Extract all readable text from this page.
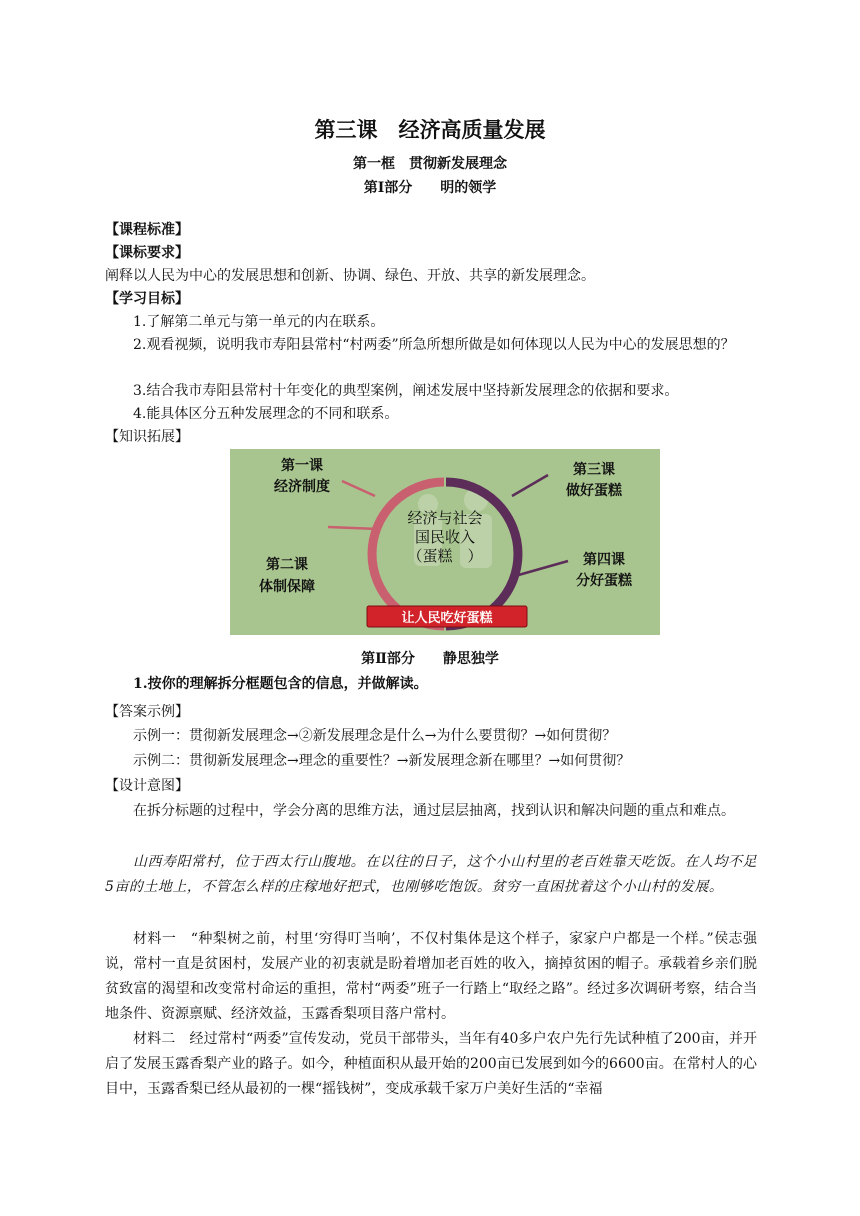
第三课　经济高质量发展
第一框　贯彻新发展理念
第Ⅰ部分　　明的领学
【课程标准】
【课标要求】
阐释以人民为中心的发展思想和创新、协调、绿色、开放、共享的新发展理念。
【学习目标】
1.了解第二单元与第一单元的内在联系。
2.观看视频，说明我市寿阳县常村“村两委”所急所想所做是如何体现以人民为中心的发展思想的？
3.结合我市寿阳县常村十年变化的典型案例，阐述发展中坚持新发展理念的依据和要求。
4.能具体区分五种发展理念的不同和联系。
【知识拓展】
第一课
经济制度
第二课
体制保障
第三课
做好蛋糕
第四课
分好蛋糕
经济与社会
国民收入
（蛋糕　）
让人民吃好蛋糕
第Ⅱ部分　　静思独学
1.按你的理解拆分框题包含的信息，并做解读。
【答案示例】
示例一：贯彻新发展理念→②新发展理念是什么→为什么要贯彻？→如何贯彻？
示例二：贯彻新发展理念→理念的重要性？→新发展理念新在哪里？→如何贯彻？
【设计意图】
在拆分标题的过程中，学会分离的思维方法，通过层层抽离，找到认识和解决问题的重点和难点。
山西寿阳常村，位于西太行山腹地。在以往的日子，这个小山村里的老百姓靠天吃饭。在人均不足5亩的土地上，不管怎么样的庄稼地好把式，也刚够吃饱饭。贫穷一直困扰着这个小山村的发展。
材料一　“种梨树之前，村里‘穷得叮当响’，不仅村集体是这个样子，家家户户都是一个样。”侯志强说，常村一直是贫困村，发展产业的初衷就是盼着增加老百姓的收入，摘掉贫困的帽子。承载着乡亲们脱贫致富的渴望和改变常村命运的重担，常村“两委”班子一行踏上“取经之路”。经过多次调研考察，结合当地条件、资源禀赋、经济效益，玉露香梨项目落户常村。
材料二　经过常村“两委”宣传发动，党员干部带头，当年有40多户农户先行先试种植了200亩，并开启了发展玉露香梨产业的路子。如今，种植面积从最开始的200亩已发展到如今的6600亩。在常村人的心目中，玉露香梨已经从最初的一棵“摇钱树”，变成承载千家万户美好生活的“幸福
